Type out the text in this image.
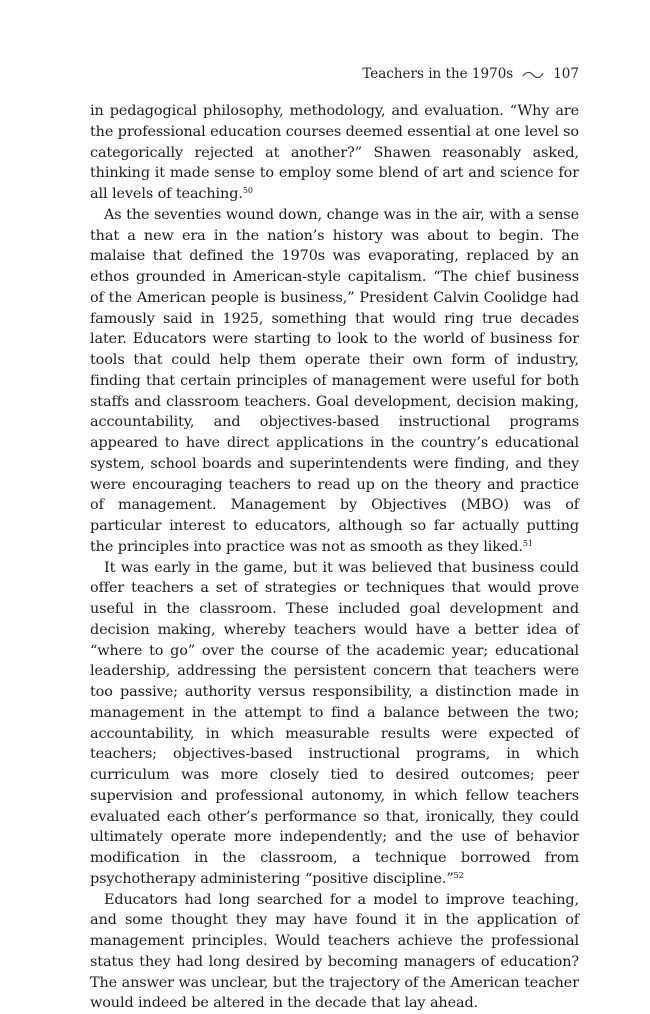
Teachers in the 1970s	107

in pedagogical philosophy, methodology, and evaluation. “Why are the professional education courses deemed essential at one level so categorically rejected at another?” Shawen reasonably asked, thinking it made sense to employ some blend of art and science for all levels of teaching.$^{50}$

As the seventies wound down, change was in the air, with a sense that a new era in the nation’s history was about to begin. The malaise that defined the 1970s was evaporating, replaced by an ethos grounded in American-style capitalism. “The chief business of the American people is business,” President Calvin Coolidge had famously said in 1925, something that would ring true decades later. Educators were starting to look to the world of business for tools that could help them operate their own form of industry, finding that certain principles of management were useful for both staffs and classroom teachers. Goal development, decision making, accountability, and objectives-based instructional programs appeared to have direct applications in the country’s educational system, school boards and superintendents were finding, and they were encouraging teachers to read up on the theory and practice of management. Management by Objectives (MBO) was of particular interest to educators, although so far actually putting the principles into practice was not as smooth as they liked.$^{51}$

It was early in the game, but it was believed that business could offer teachers a set of strategies or techniques that would prove useful in the classroom. These included goal development and decision making, whereby teachers would have a better idea of “where to go” over the course of the academic year; educational leadership, addressing the persistent concern that teachers were too passive; authority versus responsibility, a distinction made in management in the attempt to find a balance between the two; accountability, in which measurable results were expected of teachers; objectives-based instructional programs, in which curriculum was more closely tied to desired outcomes; peer supervision and professional autonomy, in which fellow teachers evaluated each other’s performance so that, ironically, they could ultimately operate more independently; and the use of behavior modification in the classroom, a technique borrowed from psychotherapy administering “positive discipline.”$^{52}$

Educators had long searched for a model to improve teaching, and some thought they may have found it in the application of management principles. Would teachers achieve the professional status they had long desired by becoming managers of education? The answer was unclear, but the trajectory of the American teacher would indeed be altered in the decade that lay ahead.
